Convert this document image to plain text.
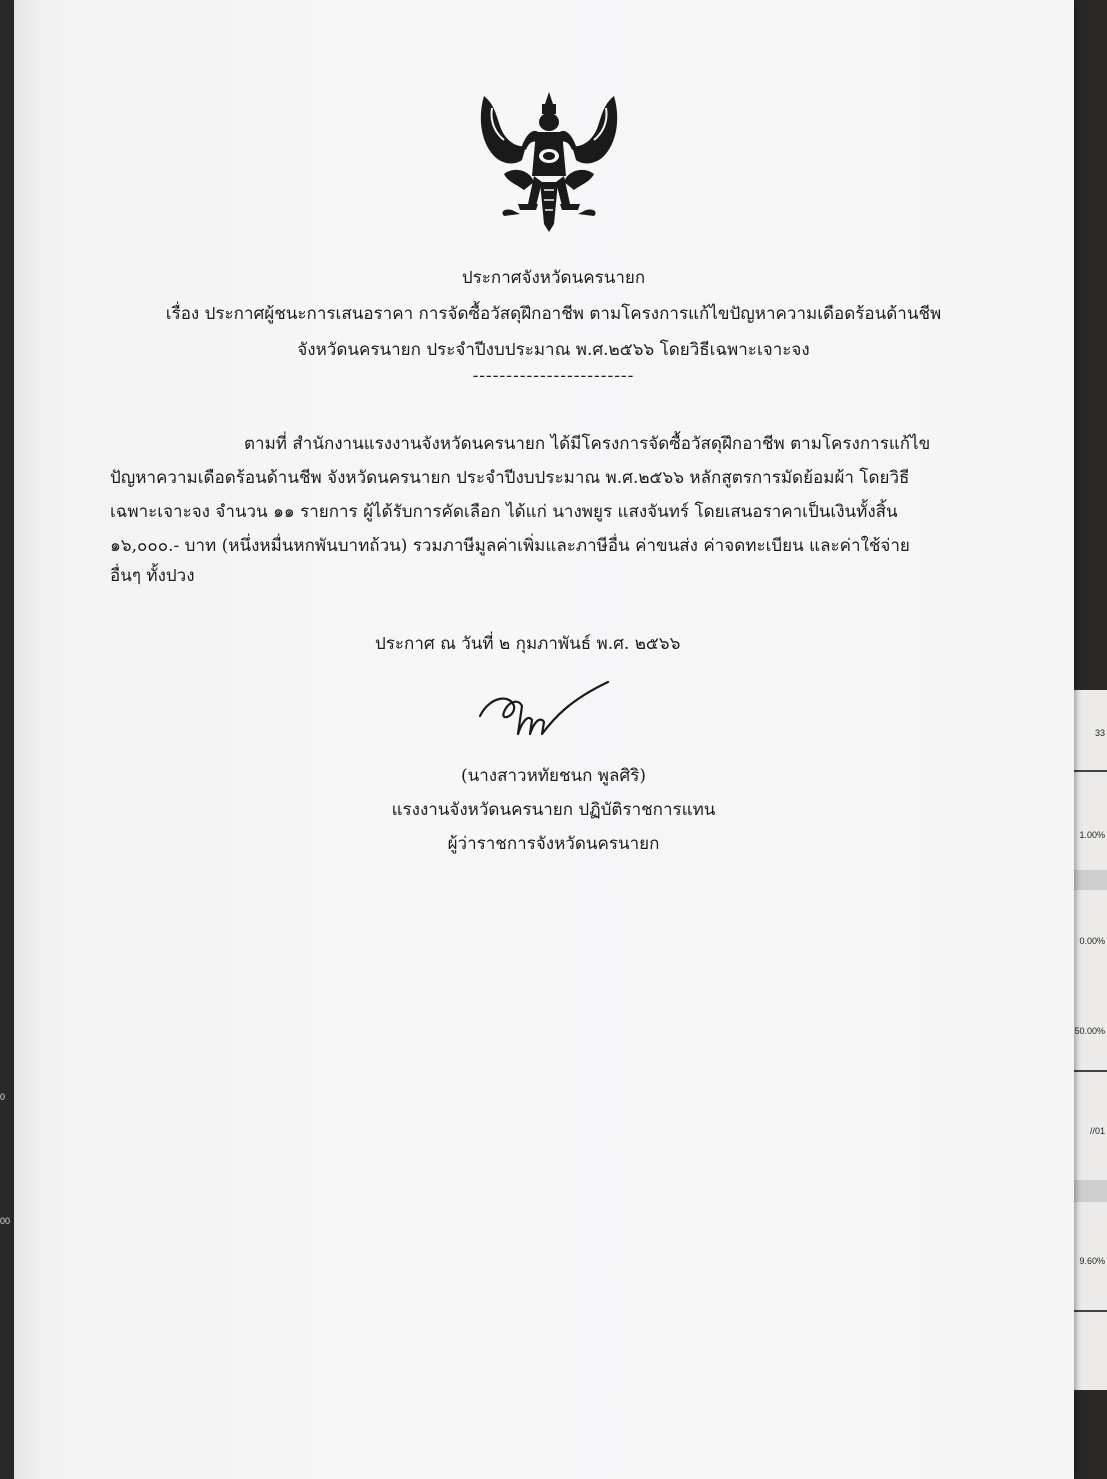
33
1.00%
0.00%
50.00%
//01
9.60%
0
00
ประกาศจังหวัดนครนายก
เรื่อง ประกาศผู้ชนะการเสนอราคา การจัดซื้อวัสดุฝึกอาชีพ ตามโครงการแก้ไขปัญหาความเดือดร้อนด้านชีพ
จังหวัดนครนายก ประจำปีงบประมาณ พ.ศ.๒๕๖๖ โดยวิธีเฉพาะเจาะจง
------------------------
ตามที่ สำนักงานแรงงานจังหวัดนครนายก ได้มีโครงการจัดซื้อวัสดุฝึกอาชีพ ตามโครงการแก้ไข
ปัญหาความเดือดร้อนด้านชีพ จังหวัดนครนายก ประจำปีงบประมาณ พ.ศ.๒๕๖๖ หลักสูตรการมัดย้อมผ้า โดยวิธี
เฉพาะเจาะจง จำนวน ๑๑ รายการ ผู้ได้รับการคัดเลือก ได้แก่ นางพยูร แสงจันทร์ โดยเสนอราคาเป็นเงินทั้งสิ้น
๑๖,๐๐๐.- บาท (หนึ่งหมื่นหกพันบาทถ้วน) รวมภาษีมูลค่าเพิ่มและภาษีอื่น ค่าขนส่ง ค่าจดทะเบียน และค่าใช้จ่าย
อื่นๆ ทั้งปวง
ประกาศ ณ วันที่ ๒ กุมภาพันธ์ พ.ศ. ๒๕๖๖
(นางสาวหทัยชนก พูลศิริ)
แรงงานจังหวัดนครนายก ปฏิบัติราชการแทน
ผู้ว่าราชการจังหวัดนครนายก
